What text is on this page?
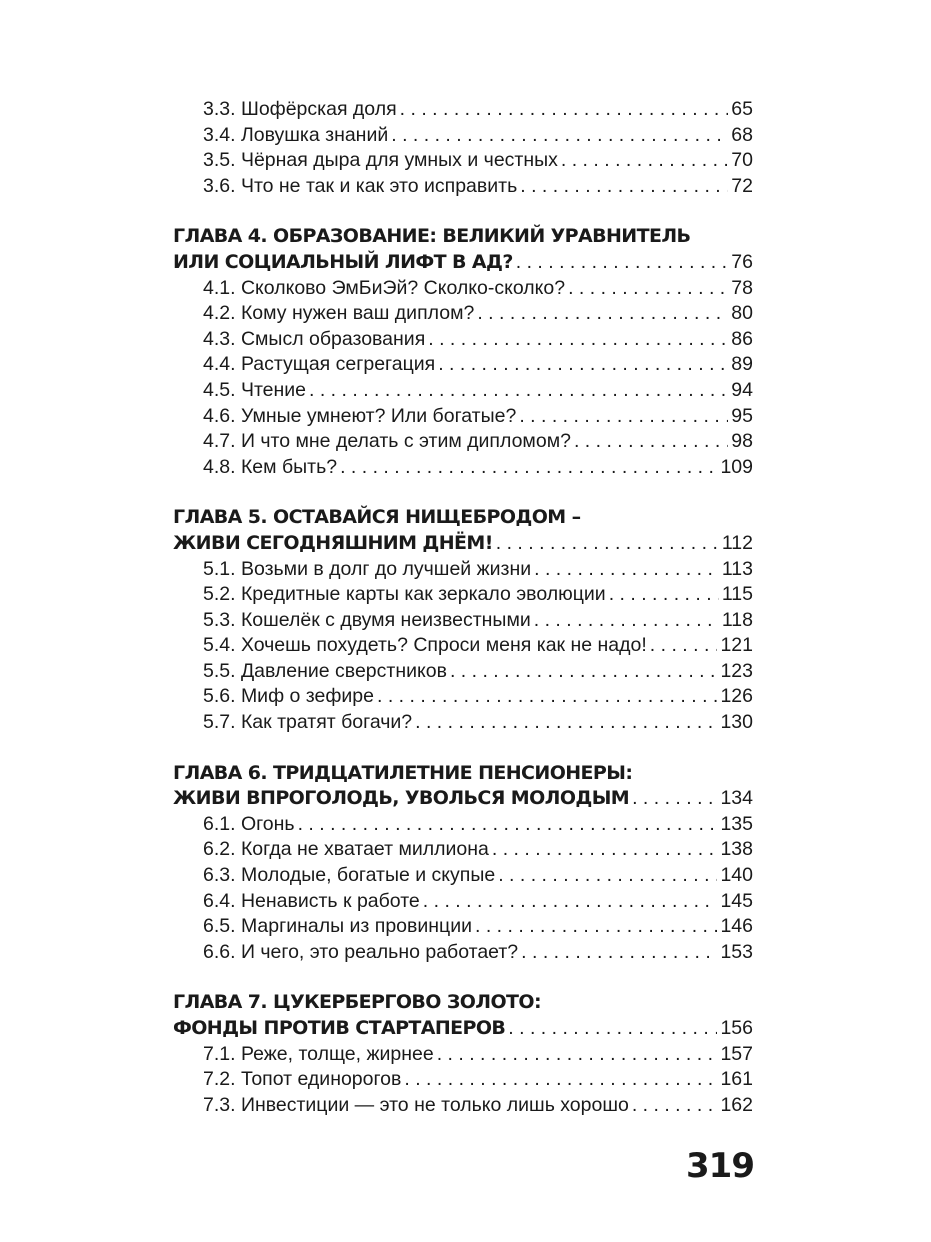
3.3. Шофёрская доля . . .	65
3.4. Ловушка знаний . . .	68
3.5. Чёрная дыра для умных и честных . . .	70
3.6. Что не так и как это исправить . . .	72
ГЛАВА 4. ОБРАЗОВАНИЕ: ВЕЛИКИЙ УРАВНИТЕЛЬ
ИЛИ СОЦИАЛЬНЫЙ ЛИФТ В АД? . . .	76
4.1. Сколково ЭмБиЭй? Сколко-сколко? . . .	78
4.2. Кому нужен ваш диплом? . . .	80
4.3. Смысл образования . . .	86
4.4. Растущая сегрегация . . .	89
4.5. Чтение . . .	94
4.6. Умные умнеют? Или богатые? . . .	95
4.7. И что мне делать с этим дипломом? . . .	98
4.8. Кем быть? . . .	109
ГЛАВА 5. ОСТАВАЙСЯ НИЩЕБРОДОМ –
ЖИВИ СЕГОДНЯШНИМ ДНЁМ! . . .	112
5.1. Возьми в долг до лучшей жизни . . .	113
5.2. Кредитные карты как зеркало эволюции . . .	115
5.3. Кошелёк с двумя неизвестными . . .	118
5.4. Хочешь похудеть? Спроси меня как не надо! . . .	121
5.5. Давление сверстников . . .	123
5.6. Миф о зефире . . .	126
5.7. Как тратят богачи? . . .	130
ГЛАВА 6. ТРИДЦАТИЛЕТНИЕ ПЕНСИОНЕРЫ:
ЖИВИ ВПРОГОЛОДЬ, УВОЛЬСЯ МОЛОДЫМ . . .	134
6.1. Огонь . . .	135
6.2. Когда не хватает миллиона . . .	138
6.3. Молодые, богатые и скупые . . .	140
6.4. Ненависть к работе . . .	145
6.5. Маргиналы из провинции . . .	146
6.6. И чего, это реально работает? . . .	153
ГЛАВА 7. ЦУКЕРБЕРГОВО ЗОЛОТО:
ФОНДЫ ПРОТИВ СТАРТАПЕРОВ . . .	156
7.1. Реже, толще, жирнее . . .	157
7.2. Топот единорогов . . .	161
7.3. Инвестиции — это не только лишь хорошо . . .	162
319
